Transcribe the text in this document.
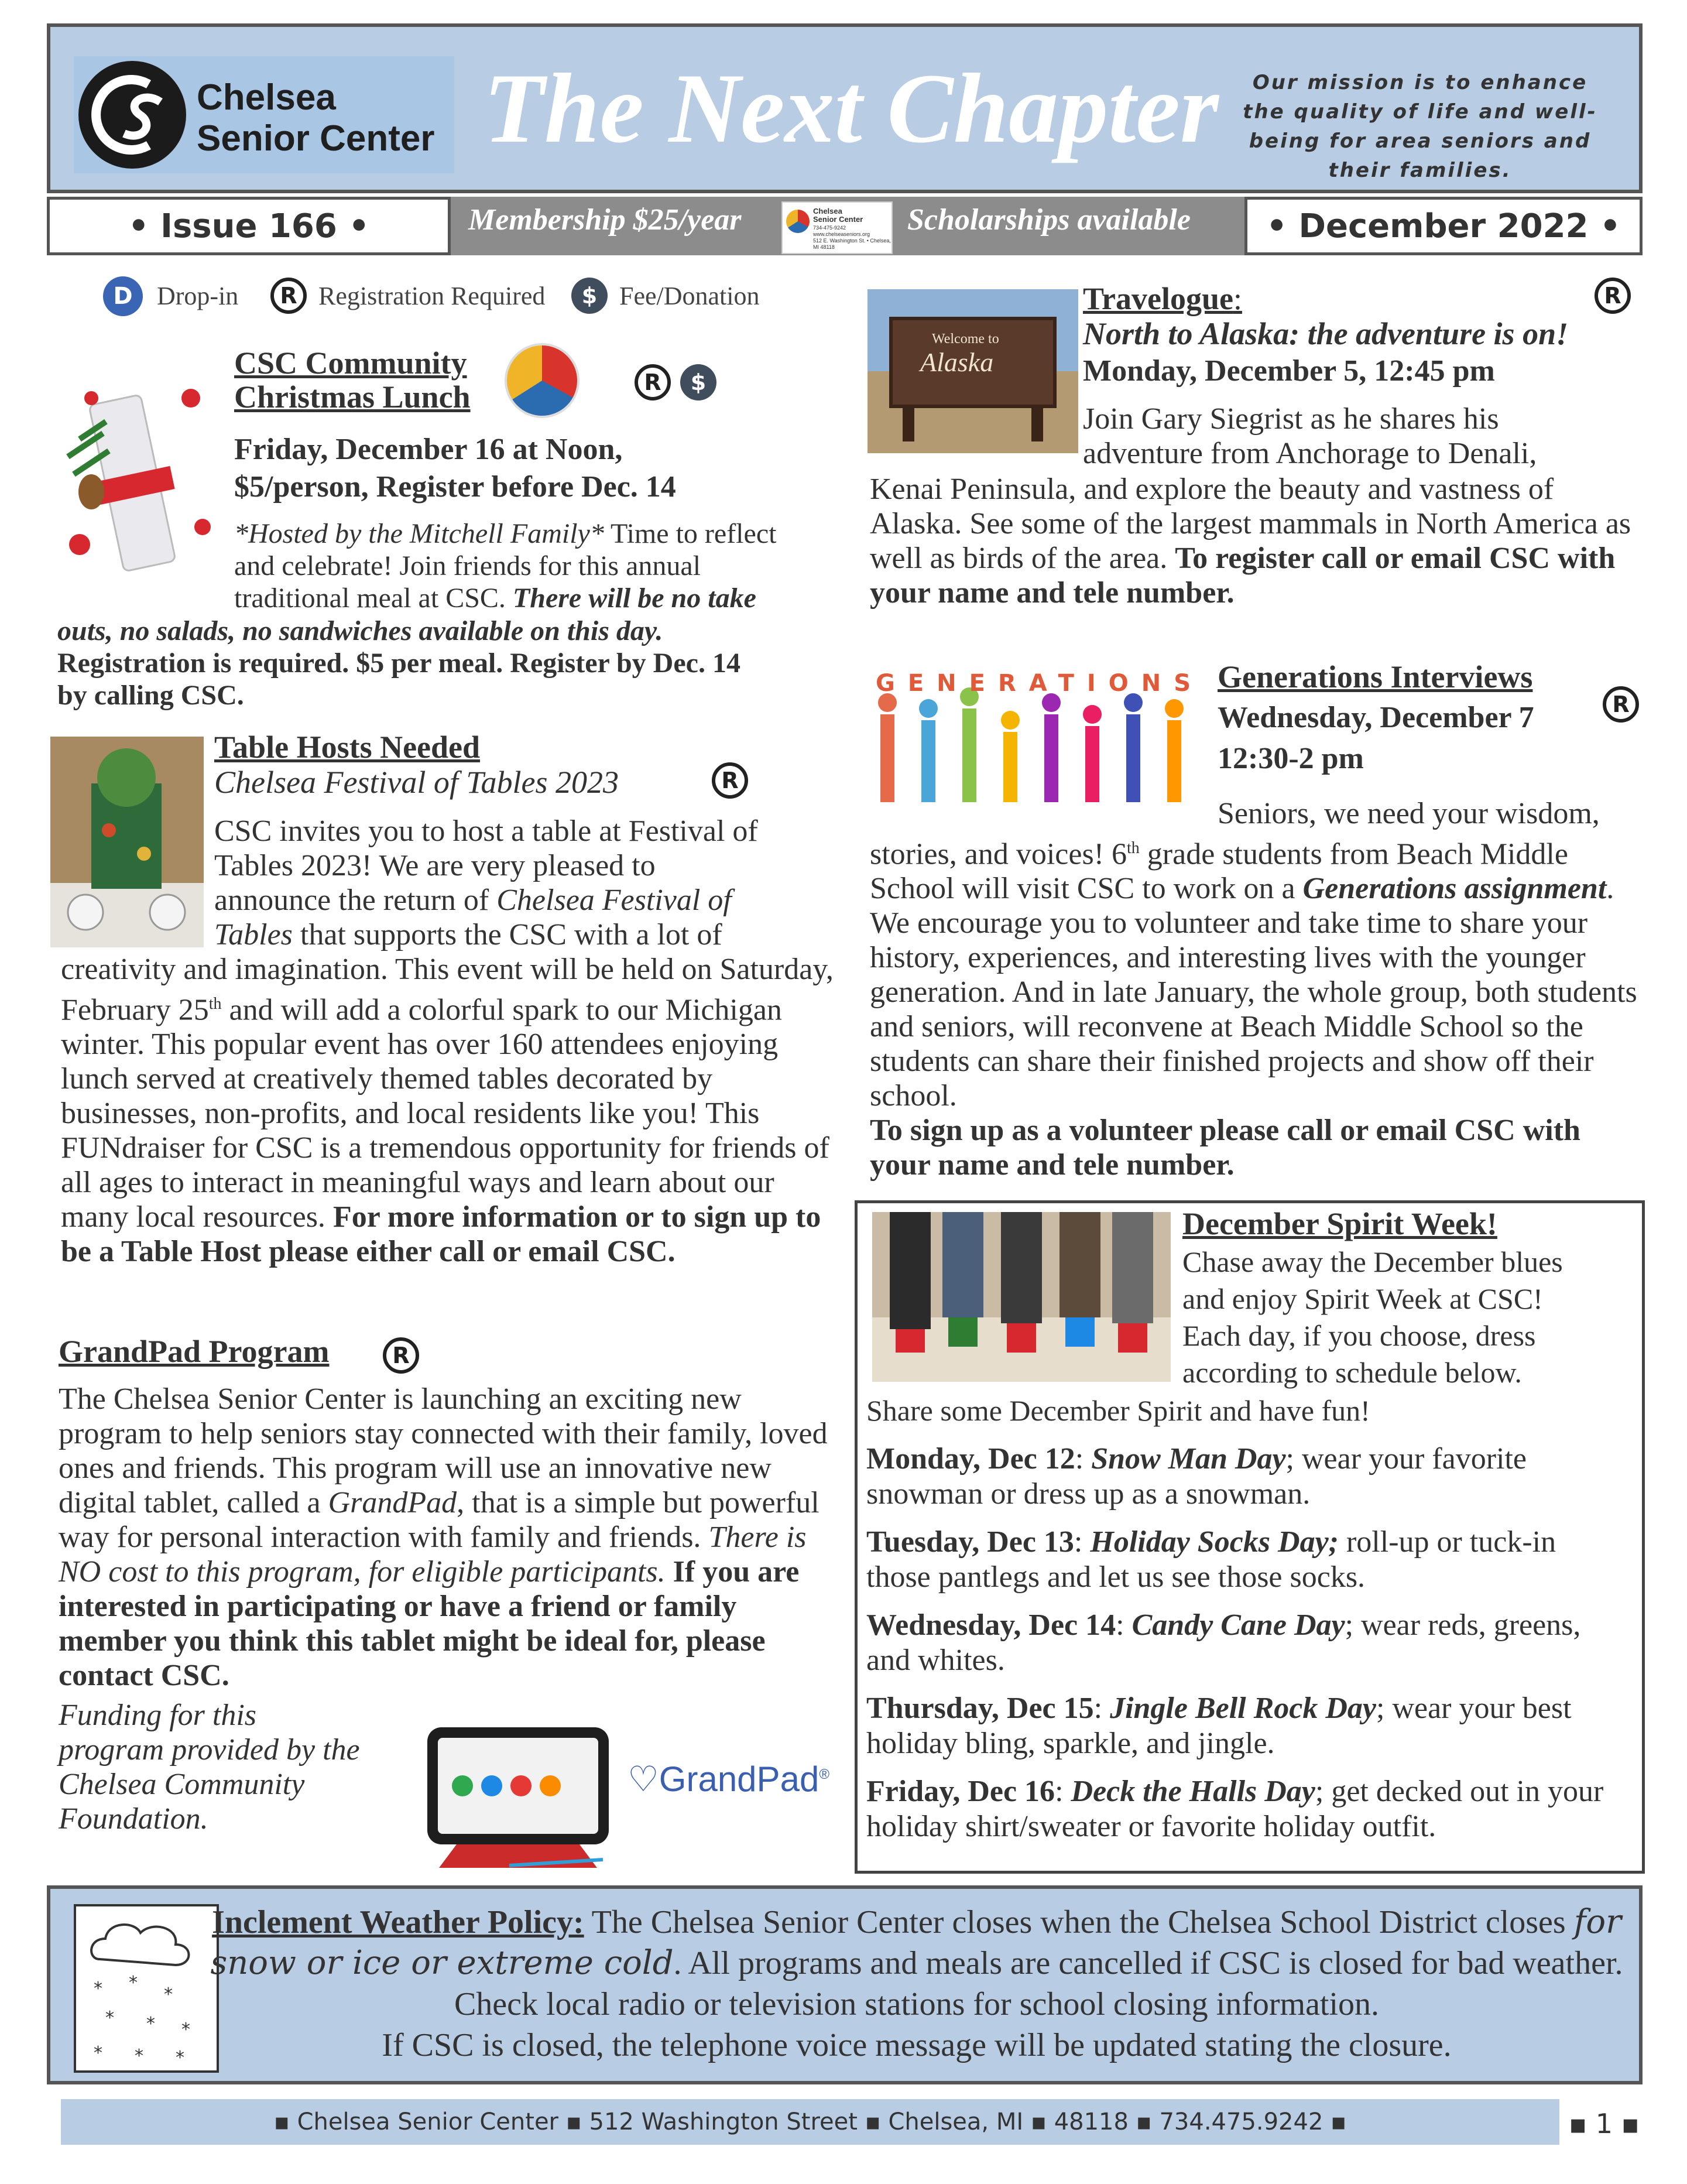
Chelsea
Senior Center The Next Chapter	Our mission is to enhance the quality of life and well-being for area seniors and their families.
• Issue 166 •	Membership $25/year	Chelsea
Senior Center
734-475-9242
www.chelseaseniors.org
512 E. Washington St. • Chelsea, MI 48118
Scholarships available	• December 2022 •
D Drop-in	R Registration Required	$ Fee/Donation
CSC Community
Christmas Lunch	R	$
Friday, December 16 at Noon,
$5/person, Register before Dec. 14
*Hosted by the Mitchell Family* Time to reflect
and celebrate! Join friends for this annual
traditional meal at CSC. There will be no take
outs, no salads, no sandwiches available on this day.
Registration is required. $5 per meal. Register by Dec. 14
by calling CSC.
Table Hosts Needed
Chelsea Festival of Tables 2023	R
CSC invites you to host a table at Festival of
Tables 2023! We are very pleased to
announce the return of Chelsea Festival of
Tables that supports the CSC with a lot of
creativity and imagination. This event will be held on Saturday, February 25th and will add a colorful spark to our Michigan winter. This popular event has over 160 attendees enjoying lunch served at creatively themed tables decorated by businesses, non-profits, and local residents like you! This FUNdraiser for CSC is a tremendous opportunity for friends of all ages to interact in meaningful ways and learn about our many local resources. For more information or to sign up to be a Table Host please either call or email CSC.
GrandPad Program	R
The Chelsea Senior Center is launching an exciting new program to help seniors stay connected with their family, loved ones and friends. This program will use an innovative new digital tablet, called a GrandPad, that is a simple but powerful way for personal interaction with family and friends. There is NO cost to this program, for eligible participants. If you are interested in participating or have a friend or family member you think this tablet might be ideal for, please contact CSC.
Funding for this
program provided by the
Chelsea Community
Foundation.
♡GrandPad®
Welcome to
Alaska
Travelogue:	R
North to Alaska: the adventure is on!
Monday, December 5, 12:45 pm
Join Gary Siegrist as he shares his
adventure from Anchorage to Denali,
Kenai Peninsula, and explore the beauty and vastness of Alaska. See some of the largest mammals in North America as well as birds of the area. To register call or email CSC with your name and tele number.
GENERATIONS Generations Interviews
R
Wednesday, December 7
12:30-2 pm
Seniors, we need your wisdom,
stories, and voices! 6th grade students from Beach Middle School will visit CSC to work on a Generations assignment. We encourage you to volunteer and take time to share your history, experiences, and interesting lives with the younger generation. And in late January, the whole group, both students and seniors, will reconvene at Beach Middle School so the students can share their finished projects and show off their school.
To sign up as a volunteer please call or email CSC with your name and tele number.
December Spirit Week!
Chase away the December blues
and enjoy Spirit Week at CSC!
Each day, if you choose, dress
according to schedule below.
Share some December Spirit and have fun!
Monday, Dec 12: Snow Man Day; wear your favorite snowman or dress up as a snowman.
Tuesday, Dec 13: Holiday Socks Day; roll-up or tuck-in those pantlegs and let us see those socks.
Wednesday, Dec 14: Candy Cane Day; wear reds, greens, and whites.
Thursday, Dec 15: Jingle Bell Rock Day; wear your best holiday bling, sparkle, and jingle.
Friday, Dec 16: Deck the Halls Day; get decked out in your holiday shirt/sweater or favorite holiday outfit.
* *
*
* * *
* * *
Inclement Weather Policy: The Chelsea Senior Center closes when the Chelsea School District closes for snow or ice or extreme cold. All programs and meals are cancelled if CSC is closed for bad weather. Check local radio or television stations for school closing information.
If CSC is closed, the telephone voice message will be updated stating the closure.
▪ Chelsea Senior Center ▪ 512 Washington Street ▪ Chelsea, MI ▪ 48118 ▪ 734.475.9242 ▪	▪ 1 ▪
